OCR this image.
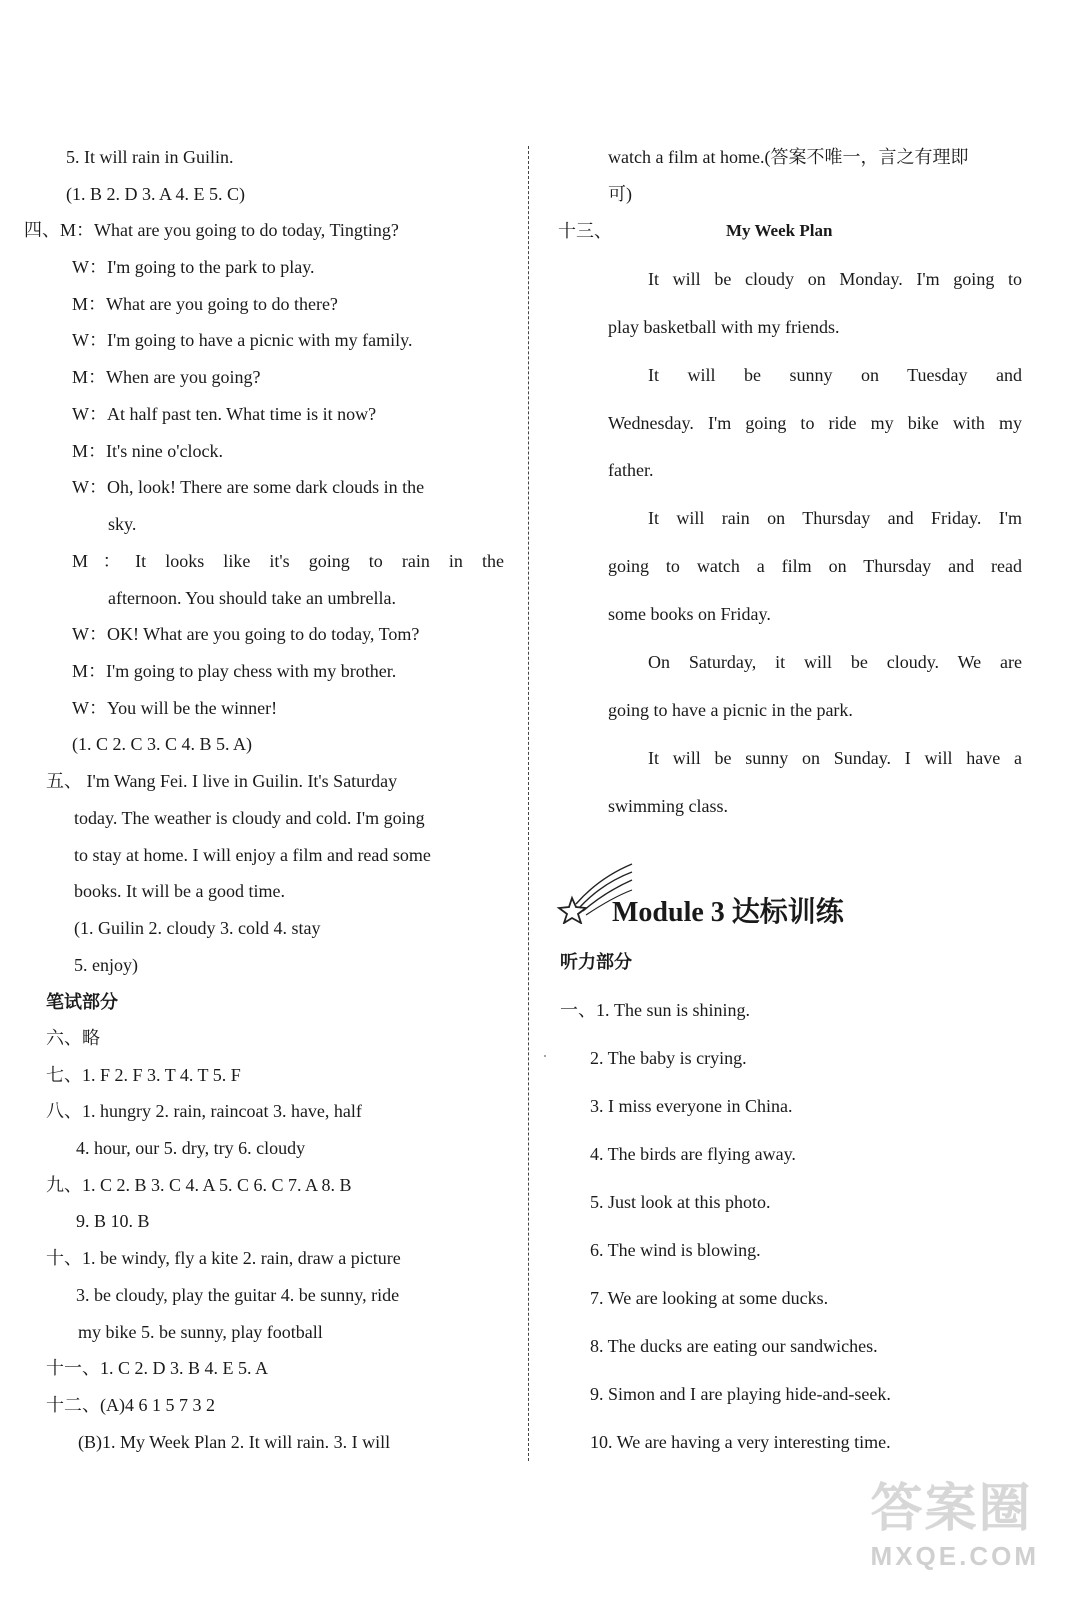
5. It will rain in Guilin.
(1. B 2. D 3. A 4. E 5. C)
四、M：What are you going to do today, Tingting?
W：I'm going to the park to play.
M：What are you going to do there?
W：I'm going to have a picnic with my family.
M：When are you going?
W：At half past ten. What time is it now?
M：It's nine o'clock.
W：Oh, look! There are some dark clouds in the
sky.
M：It looks like it's going to rain in the
afternoon. You should take an umbrella.
W：OK! What are you going to do today, Tom?
M：I'm going to play chess with my brother.
W：You will be the winner!
(1. C 2. C 3. C 4. B 5. A)
五、 I'm Wang Fei. I live in Guilin. It's Saturday
today. The weather is cloudy and cold. I'm going
to stay at home. I will enjoy a film and read some
books. It will be a good time.
(1. Guilin 2. cloudy 3. cold 4. stay
5. enjoy)
笔试部分
六、略
七、1. F 2. F 3. T 4. T 5. F
八、1. hungry 2. rain, raincoat 3. have, half
4. hour, our 5. dry, try 6. cloudy
九、1. C 2. B 3. C 4. A 5. C 6. C 7. A 8. B
9. B 10. B
十、1. be windy, fly a kite 2. rain, draw a picture
3. be cloudy, play the guitar 4. be sunny, ride
my bike 5. be sunny, play football
十一、1. C 2. D 3. B 4. E 5. A
十二、(A)4 6 1 5 7 3 2
(B)1. My Week Plan 2. It will rain. 3. I will
watch a film at home.(答案不唯一，言之有理即
可)
十三、	My Week Plan
It will be cloudy on Monday. I'm going to
play basketball with my friends.
It will be sunny on Tuesday and
Wednesday. I'm going to ride my bike with my
father.
It will rain on Thursday and Friday. I'm
going to watch a film on Thursday and read
some books on Friday.
On Saturday, it will be cloudy. We are
going to have a picnic in the park.
It will be sunny on Sunday. I will have a
swimming class.
听力部分
一、1. The sun is shining.
2. The baby is crying.
3. I miss everyone in China.
4. The birds are flying away.
5. Just look at this photo.
6. The wind is blowing.
7. We are looking at some ducks.
8. The ducks are eating our sandwiches.
9. Simon and I are playing hide-and-seek.
10. We are having a very interesting time.
Module 3 达标训练
答案圈
MXQE.COM
